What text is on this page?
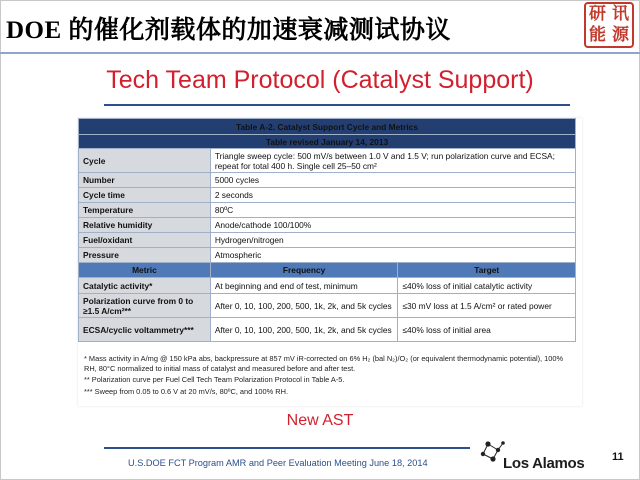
DOE 的催化剂载体的加速衰减测试协议
研 讯
能 源
Tech Team Protocol (Catalyst Support)
Table A-2. Catalyst Support Cycle and Metrics		
Table revised January 14, 2013		
Cycle	Triangle sweep cycle: 500 mV/s between 1.0 V and 1.5 V; run polarization curve and ECSA; repeat for total 400 h. Single cell 25–50 cm²	
Number	5000 cycles	
Cycle time	2 seconds	
Temperature	80ºC	
Relative humidity	Anode/cathode 100/100%	
Fuel/oxidant	Hydrogen/nitrogen	
Pressure	Atmospheric	
Metric	Frequency	Target
Catalytic activity*	At beginning and end of test, minimum	≤40% loss of initial catalytic activity
Polarization curve from 0 to ≥1.5 A/cm²**	After 0, 10, 100, 200, 500, 1k, 2k, and 5k cycles	≤30 mV loss at 1.5 A/cm² or rated power
ECSA/cyclic voltammetry***	After 0, 10, 100, 200, 500, 1k, 2k, and 5k cycles	≤40% loss of initial area

* Mass activity in A/mg @ 150 kPa abs, backpressure at 857 mV iR-corrected on 6% H₂ (bal N₂)/O₂ (or equivalent thermodynamic potential), 100% RH, 80°C normalized to initial mass of catalyst and measured before and after test.

** Polarization curve per Fuel Cell Tech Team Polarization Protocol in Table A-5.

*** Sweep from 0.05 to 0.6 V at 20 mV/s, 80ºC, and 100% RH.

New AST
U.S.DOE FCT Program AMR and Peer Evaluation Meeting June 18, 2014	Los Alamos	11
